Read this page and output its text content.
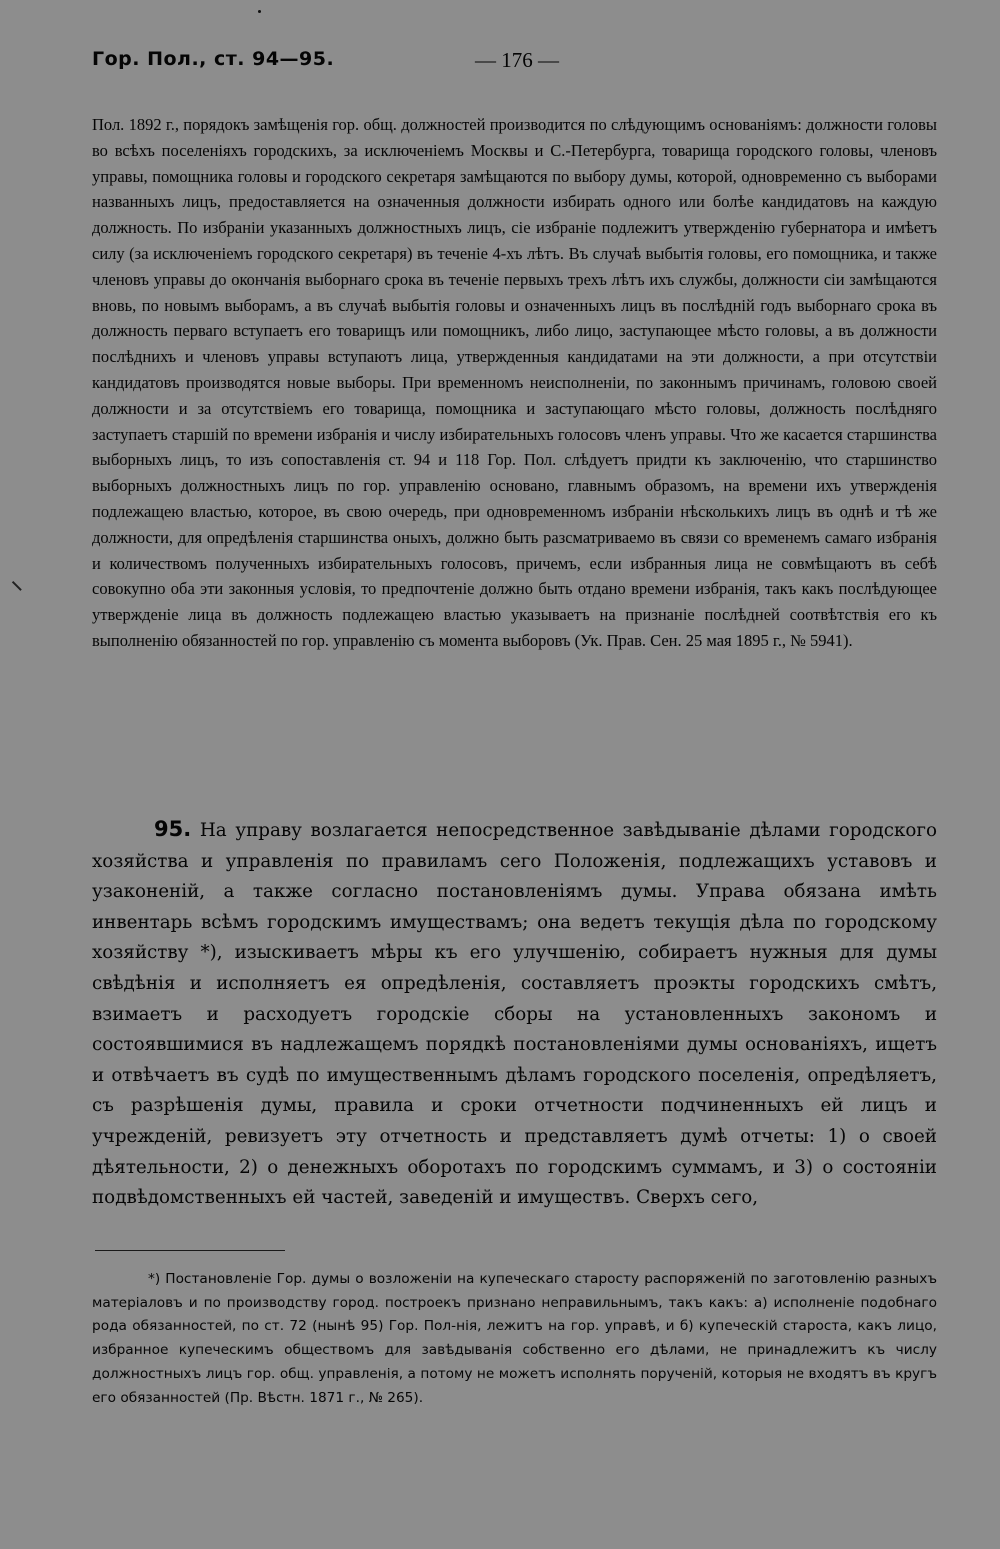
Гор. Пол., ст. 94—95.	— 176 —

Пол. 1892 г., порядокъ замѣщенія гор. общ. должностей производится по слѣдующимъ основаніямъ: должности головы во всѣхъ поселеніяхъ городскихъ, за исключеніемъ Москвы и С.-Петербурга, товарища городского головы, членовъ управы, помощника головы и городского секретаря замѣщаются по выбору думы, которой, одновременно съ выборами названныхъ лицъ, предоставляется на означенныя должности избирать одного или болѣе кандидатовъ на каждую должность. По избраніи указанныхъ должностныхъ лицъ, сіе избраніе подлежитъ утвержденію губернатора и имѣетъ силу (за исключеніемъ городского секретаря) въ теченіе 4-хъ лѣтъ. Въ случаѣ выбытія головы, его помощника, и также членовъ управы до окончанія выборнаго срока въ теченіе первыхъ трехъ лѣтъ ихъ службы, должности сіи замѣщаются вновь, по новымъ выборамъ, а въ случаѣ выбытія головы и означенныхъ лицъ въ послѣдній годъ выборнаго срока въ должность перваго вступаетъ его товарищъ или помощникъ, либо лицо, заступающее мѣсто головы, а въ должности послѣднихъ и членовъ управы вступаютъ лица, утвержденныя кандидатами на эти должности, а при отсутствіи кандидатовъ производятся новые выборы. При временномъ неисполненіи, по законнымъ причинамъ, головою своей должности и за отсутствіемъ его товарища, помощника и заступающаго мѣсто головы, должность послѣдняго заступаетъ старшій по времени избранія и числу избирательныхъ голосовъ членъ управы. Что же касается старшинства выборныхъ лицъ, то изъ сопоставленія ст. 94 и 118 Гор. Пол. слѣдуетъ придти къ заключенію, что старшинство выборныхъ должностныхъ лицъ по гор. управленію основано, главнымъ образомъ, на времени ихъ утвержденія подлежащею властью, которое, въ свою очередь, при одновременномъ избраніи нѣсколькихъ лицъ въ однѣ и тѣ же должности, для опредѣленія старшинства оныхъ, должно быть разсматриваемо въ связи со временемъ самаго избранія и количествомъ полученныхъ избирательныхъ голосовъ, причемъ, если избранныя лица не совмѣщаютъ въ себѣ совокупно оба эти законныя условія, то предпочтеніе должно быть отдано времени избранія, такъ какъ послѣдующее утвержденіе лица въ должность подлежащею властью указываетъ на признаніе послѣдней соотвѣтствія его къ выполненію обязанностей по гор. управленію съ момента выборовъ (Ук. Прав. Сен. 25 мая 1895 г., № 5941).

95. На управу возлагается непосредственное завѣдываніе дѣлами городского хозяйства и управленія по правиламъ сего Положенія, подлежащихъ уставовъ и узаконеній, а также согласно постановленіямъ думы. Управа обязана имѣть инвентарь всѣмъ городскимъ имуществамъ; она ведетъ текущія дѣла по городскому хозяйству *), изыскиваетъ мѣры къ его улучшенію, собираетъ нужныя для думы свѣдѣнія и исполняетъ ея опредѣленія, составляетъ проэкты городскихъ смѣтъ, взимаетъ и расходуетъ городскіе сборы на установленныхъ закономъ и состоявшимися въ надлежащемъ порядкѣ постановленіями думы основаніяхъ, ищетъ и отвѣчаетъ въ судѣ по имущественнымъ дѣламъ городского поселенія, опредѣляетъ, съ разрѣшенія думы, правила и сроки отчетности подчиненныхъ ей лицъ и учрежденій, ревизуетъ эту отчетность и представляетъ думѣ отчеты: 1) о своей дѣятельности, 2) о денежныхъ оборотахъ по городскимъ суммамъ, и 3) о состояніи подвѣдомственныхъ ей частей, заведеній и имуществъ. Сверхъ сего,

*) Постановленіе Гор. думы о возложеніи на купеческаго старосту распоряженій по заготовленію разныхъ матеріаловъ и по производству город. построекъ признано неправильнымъ, такъ какъ: а) исполненіе подобнаго рода обязанностей, по ст. 72 (нынѣ 95) Гор. Пол-нія, лежитъ на гор. управѣ, и б) купеческій староста, какъ лицо, избранное купеческимъ обществомъ для завѣдыванія собственно его дѣлами, не принадлежитъ къ числу должностныхъ лицъ гор. общ. управленія, а потому не можетъ исполнять порученій, которыя не входятъ въ кругъ его обязанностей (Пр. Вѣстн. 1871 г., № 265).
